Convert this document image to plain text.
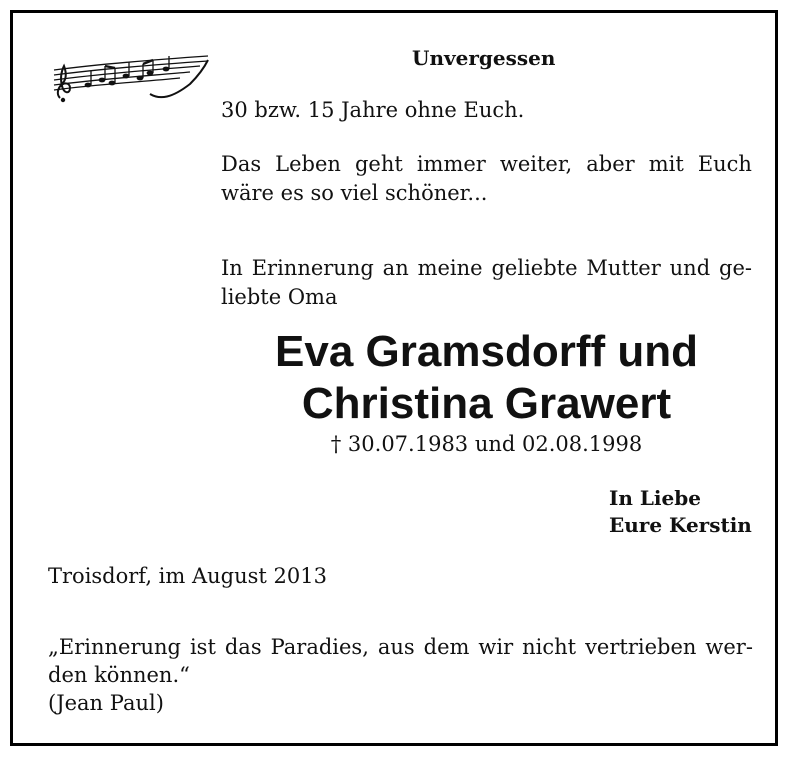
Unvergessen
30 bzw. 15 Jahre ohne Euch.
Das Leben geht immer weiter, aber mit Euch
wäre es so viel schöner...
In Erinnerung an meine geliebte Mutter und ge-
liebte Oma
Eva Gramsdorff und
Christina Grawert
† 30.07.1983 und 02.08.1998
In Liebe
Eure Kerstin
Troisdorf, im August 2013
„Erinnerung ist das Paradies, aus dem wir nicht vertrieben wer-
den können.“
(Jean Paul)
